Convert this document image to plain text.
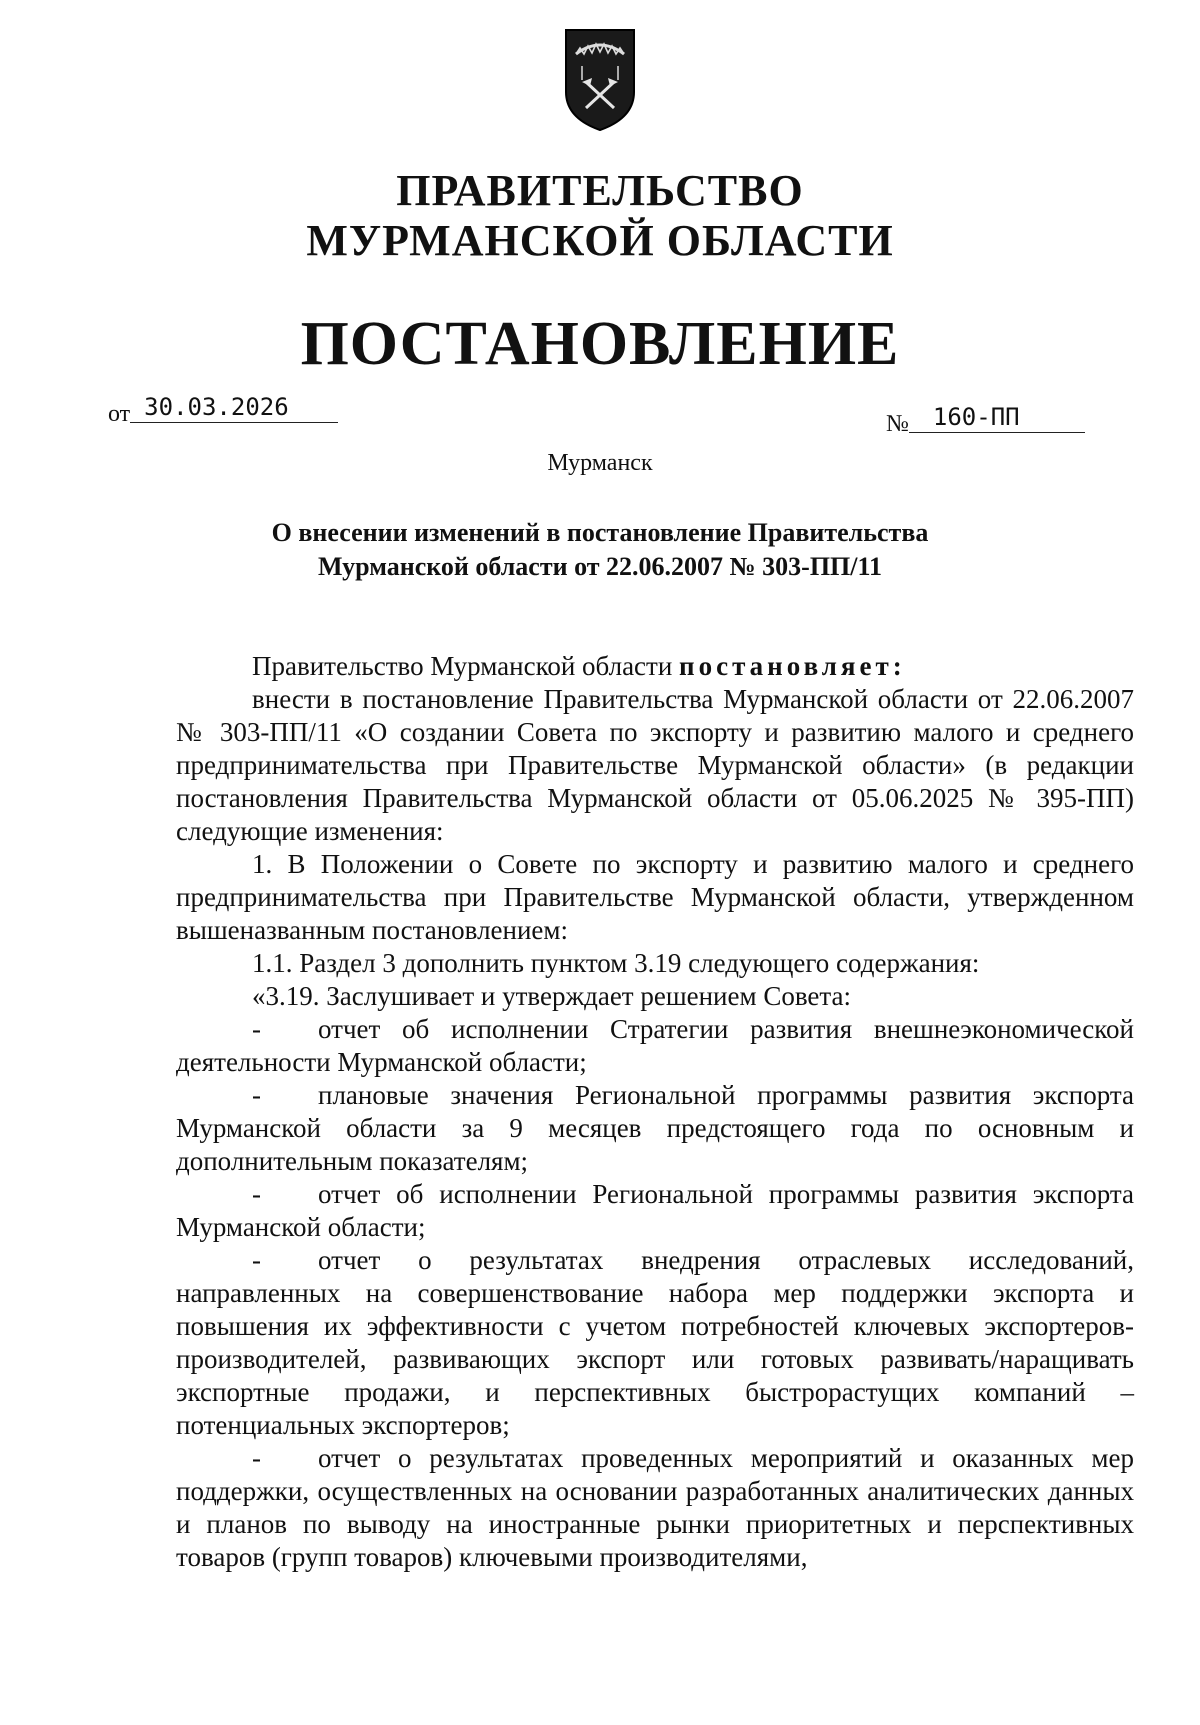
ПРАВИТЕЛЬСТВО
МУРМАНСКОЙ ОБЛАСТИ
ПОСТАНОВЛЕНИЕ
от 30.03.2026
№ 160-ПП
Мурманск
О внесении изменений в постановление Правительства
Мурманской области от 22.06.2007 № 303-ПП/11

Правительство Мурманской области постановляет:

внести в постановление Правительства Мурманской области от 22.06.2007 № 303-ПП/11 «О создании Совета по экспорту и развитию малого и среднего предпринимательства при Правительстве Мурманской области» (в редакции постановления Правительства Мурманской области от 05.06.2025 № 395-ПП) следующие изменения:

1. В Положении о Совете по экспорту и развитию малого и среднего предпринимательства при Правительстве Мурманской области, утвержденном вышеназванным постановлением:

1.1. Раздел 3 дополнить пунктом 3.19 следующего содержания:

«3.19. Заслушивает и утверждает решением Совета:

- отчет об исполнении Стратегии развития внешнеэкономической деятельности Мурманской области;

- плановые значения Региональной программы развития экспорта Мурманской области за 9 месяцев предстоящего года по основным и дополнительным показателям;

- отчет об исполнении Региональной программы развития экспорта Мурманской области;

- отчет о результатах внедрения отраслевых исследований, направленных на совершенствование набора мер поддержки экспорта и повышения их эффективности с учетом потребностей ключевых экспортеров-производителей, развивающих экспорт или готовых развивать/наращивать экспортные продажи, и перспективных быстрорастущих компаний – потенциальных экспортеров;

- отчет о результатах проведенных мероприятий и оказанных мер поддержки, осуществленных на основании разработанных аналитических данных и планов по выводу на иностранные рынки приоритетных и перспективных товаров (групп товаров) ключевыми производителями,
